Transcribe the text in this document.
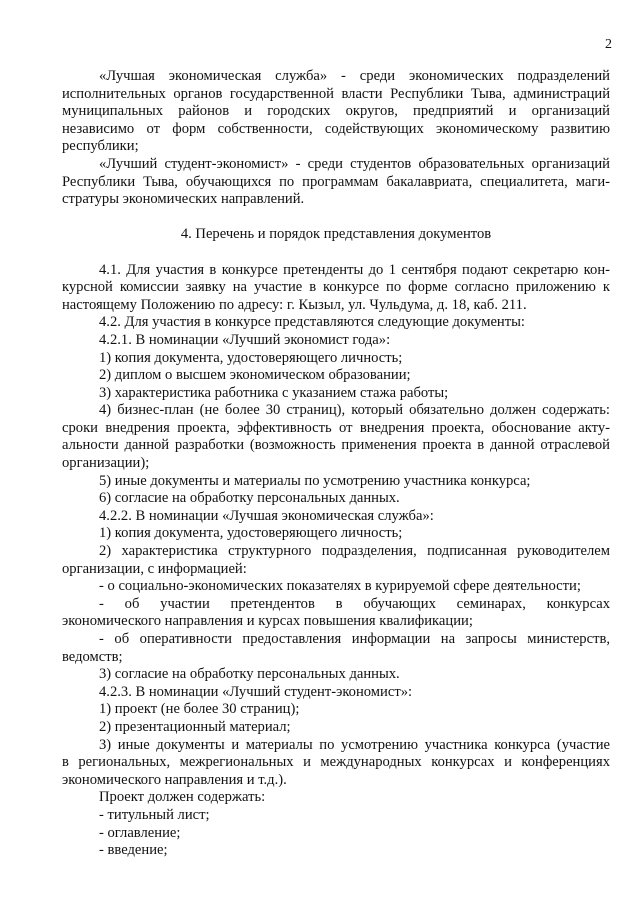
2
«Лучшая экономическая служба» - среди экономических подразделений
исполнительных органов государственной власти Республики Тыва, администраций
муниципальных районов и городских округов, предприятий и организаций
независимо от форм собственности, содействующих экономическому развитию
республики;
«Лучший студент-экономист» - среди студентов образовательных организаций
Республики Тыва, обучающихся по программам бакалавриата, специалитета, маги-
стратуры экономических направлений.
4. Перечень и порядок представления документов
4.1. Для участия в конкурсе претенденты до 1 сентября подают секретарю кон-
курсной комиссии заявку на участие в конкурсе по форме согласно приложению к
настоящему Положению по адресу: г. Кызыл, ул. Чульдума, д. 18, каб. 211.
4.2. Для участия в конкурсе представляются следующие документы:
4.2.1. В номинации «Лучший экономист года»:
1) копия документа, удостоверяющего личность;
2) диплом о высшем экономическом образовании;
3) характеристика работника с указанием стажа работы;
4) бизнес-план (не более 30 страниц), который обязательно должен содержать:
сроки внедрения проекта, эффективность от внедрения проекта, обоснование акту-
альности данной разработки (возможность применения проекта в данной отраслевой
организации);
5) иные документы и материалы по усмотрению участника конкурса;
6) согласие на обработку персональных данных.
4.2.2. В номинации «Лучшая экономическая служба»:
1) копия документа, удостоверяющего личность;
2) характеристика структурного подразделения, подписанная руководителем
организации, с информацией:
- о социально-экономических показателях в курируемой сфере деятельности;
- об участии претендентов в обучающих семинарах, конкурсах
экономического направления и курсах повышения квалификации;
- об оперативности предоставления информации на запросы министерств,
ведомств;
3) согласие на обработку персональных данных.
4.2.3. В номинации «Лучший студент-экономист»:
1) проект (не более 30 страниц);
2) презентационный материал;
3) иные документы и материалы по усмотрению участника конкурса (участие
в региональных, межрегиональных и международных конкурсах и конференциях
экономического направления и т.д.).
Проект должен содержать:
- титульный лист;
- оглавление;
- введение;
